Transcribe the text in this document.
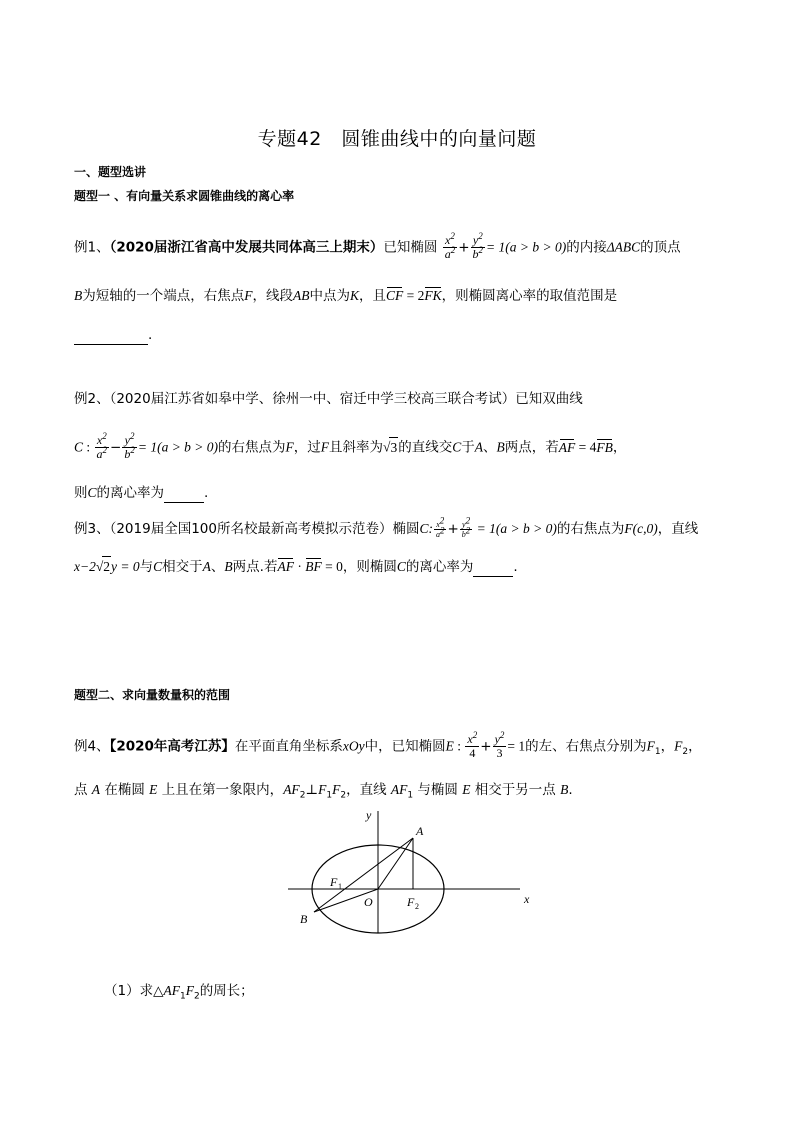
专题42　圆锥曲线中的向量问题
一、题型选讲
题型一 、有向量关系求圆锥曲线的离心率
例1、（2020届浙江省高中发展共同体高三上期末）已知椭圆 $\frac{x^2}{a^2} + \frac{y^2}{b^2} = 1(a > b > 0)$的内接ΔABC的顶点
B为短轴的一个端点，右焦点F，线段AB中点为K，且CF = 2FK，则椭圆离心率的取值范围是
.
例2、（2020届江苏省如皋中学、徐州一中、宿迁中学三校高三联合考试）已知双曲线
C : $\frac{x^2}{a^2} - \frac{y^2}{b^2} = 1(a > b > 0)$的右焦点为F，过F且斜率为√3的直线交C于A、B两点，若AF = 4FB，
则C的离心率为	.
例3、（2019届全国100所名校最新高考模拟示范卷）椭圆C: $\frac{x^2}{a^2} + \frac{y^2}{b^2} = 1(a > b > 0)$的右焦点为F(c,0)，直线
x−2√2y = 0与C相交于A、B两点.若AF · BF = 0，则椭圆C的离心率为	.
题型二、求向量数量积的范围
例4、【2020年高考江苏】在平面直角坐标系xOy中，已知椭圆E : $\frac{x^2}{4} + \frac{y^2}{3} = 1$的左、右焦点分别为$F_1$，$F_2$，
点 A 在椭圆 E 上且在第一象限内，$AF_2\perp F_1F_2$，直线 $AF_1$ 与椭圆 E 相交于另一点 B.
A
B
O
F 1
F 2
x
y
（1）求$\triangle AF_1F_2$的周长；
